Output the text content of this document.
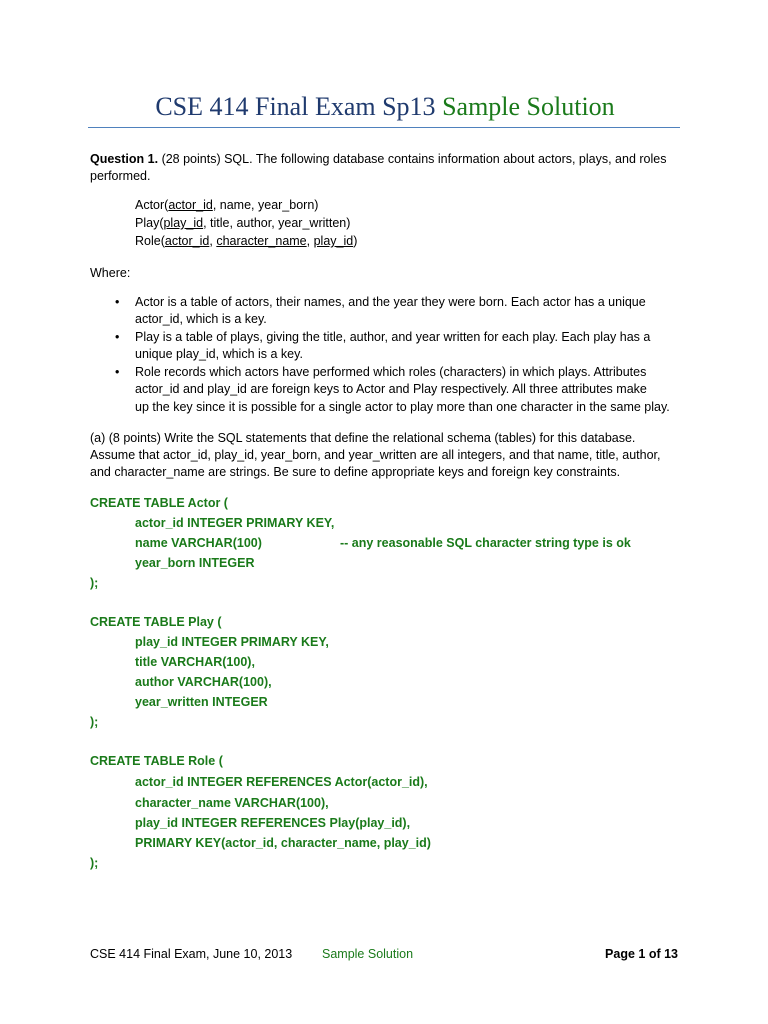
CSE 414 Final Exam Sp13 Sample Solution
Question 1. (28 points) SQL. The following database contains information about actors, plays, and roles
performed.
Actor(actor_id, name, year_born)
Play(play_id, title, author, year_written)
Role(actor_id, character_name, play_id)
Where:
• Actor is a table of actors, their names, and the year they were born. Each actor has a unique
actor_id, which is a key.
• Play is a table of plays, giving the title, author, and year written for each play. Each play has a
unique play_id, which is a key.
• Role records which actors have performed which roles (characters) in which plays. Attributes
actor_id and play_id are foreign keys to Actor and Play respectively. All three attributes make
up the key since it is possible for a single actor to play more than one character in the same play.
(a) (8 points) Write the SQL statements that define the relational schema (tables) for this database.
Assume that actor_id, play_id, year_born, and year_written are all integers, and that name, title, author,
and character_name are strings. Be sure to define appropriate keys and foreign key constraints.
CREATE TABLE Actor (
actor_id INTEGER PRIMARY KEY,
name VARCHAR(100)	-- any reasonable SQL character string type is ok
year_born INTEGER
);
CREATE TABLE Play (
play_id INTEGER PRIMARY KEY,
title VARCHAR(100),
author VARCHAR(100),
year_written INTEGER
);
CREATE TABLE Role (
actor_id INTEGER REFERENCES Actor(actor_id),
character_name VARCHAR(100),
play_id INTEGER REFERENCES Play(play_id),
PRIMARY KEY(actor_id, character_name, play_id)
);
CSE 414 Final Exam, June 10, 2013 Sample Solution	Page 1 of 13
